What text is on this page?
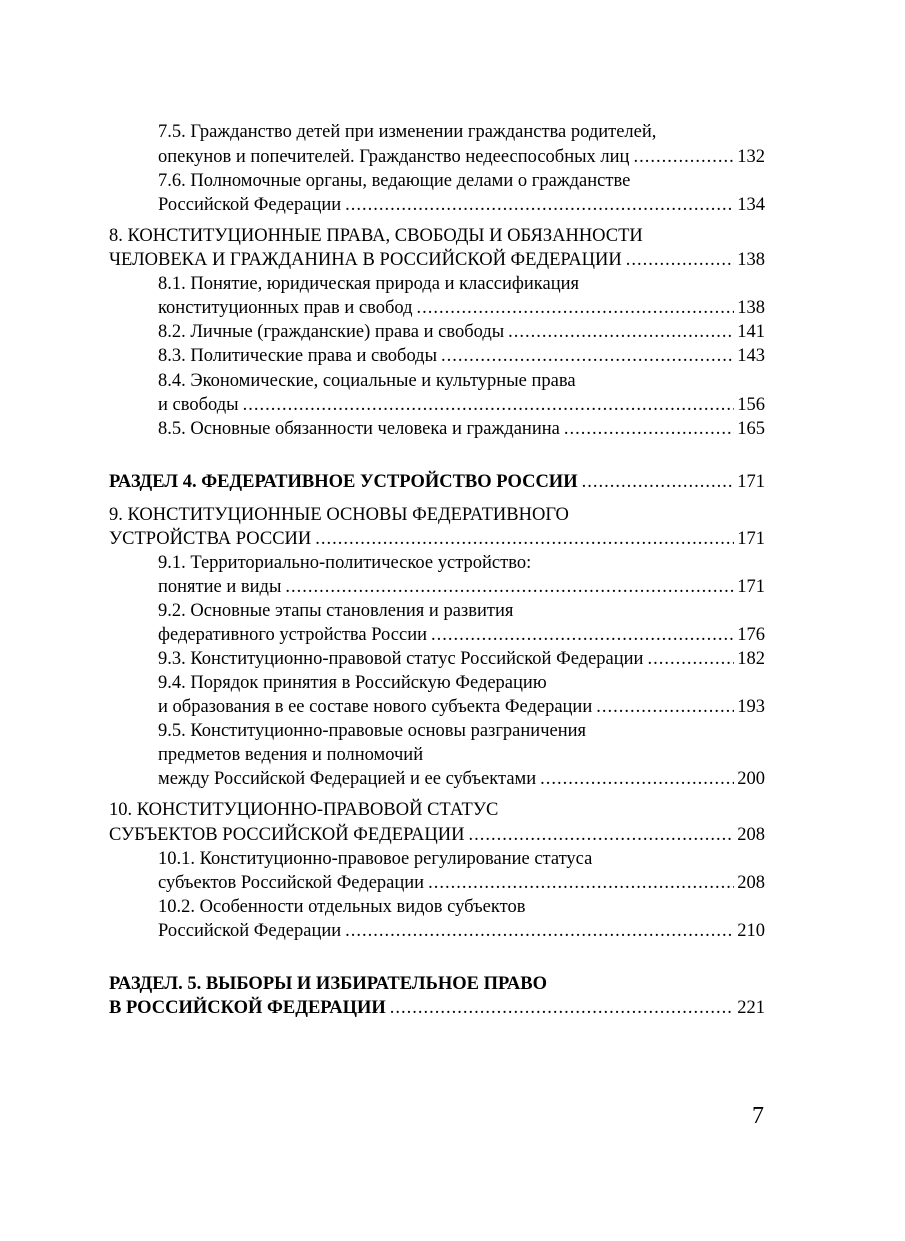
7.5. Гражданство детей при изменении гражданства родителей,
опекунов и попечителей. Гражданство недееспособных лиц .....	132
7.6. Полномочные органы, ведающие делами о гражданстве
Российской Федерации .....	134
8. КОНСТИТУЦИОННЫЕ ПРАВА, СВОБОДЫ И ОБЯЗАННОСТИ
ЧЕЛОВЕКА И ГРАЖДАНИНА В РОССИЙСКОЙ ФЕДЕРАЦИИ .....	138
8.1. Понятие, юридическая природа и классификация
конституционных прав и свобод .....	138
8.2. Личные (гражданские) права и свободы .....	141
8.3. Политические права и свободы .....	143
8.4. Экономические, социальные и культурные права
и свободы .....	156
8.5. Основные обязанности человека и гражданина .....	165
РАЗДЕЛ 4. ФЕДЕРАТИВНОЕ УСТРОЙСТВО РОССИИ .....	171
9. КОНСТИТУЦИОННЫЕ ОСНОВЫ ФЕДЕРАТИВНОГО
УСТРОЙСТВА РОССИИ .....	171
9.1. Территориально-политическое устройство:
понятие и виды .....	171
9.2. Основные этапы становления и развития
федеративного устройства России .....	176
9.3. Конституционно-правовой статус Российской Федерации .....	182
9.4. Порядок принятия в Российскую Федерацию
и образования в ее составе нового субъекта Федерации .....	193
9.5. Конституционно-правовые основы разграничения
предметов ведения и полномочий
между Российской Федерацией и ее субъектами .....	200
10. КОНСТИТУЦИОННО-ПРАВОВОЙ СТАТУС
СУБЪЕКТОВ РОССИЙСКОЙ ФЕДЕРАЦИИ .....	208
10.1. Конституционно-правовое регулирование статуса
субъектов Российской Федерации .....	208
10.2. Особенности отдельных видов субъектов
Российской Федерации .....	210
РАЗДЕЛ. 5. ВЫБОРЫ И ИЗБИРАТЕЛЬНОЕ ПРАВО
В РОССИЙСКОЙ ФЕДЕРАЦИИ .....	221
7
